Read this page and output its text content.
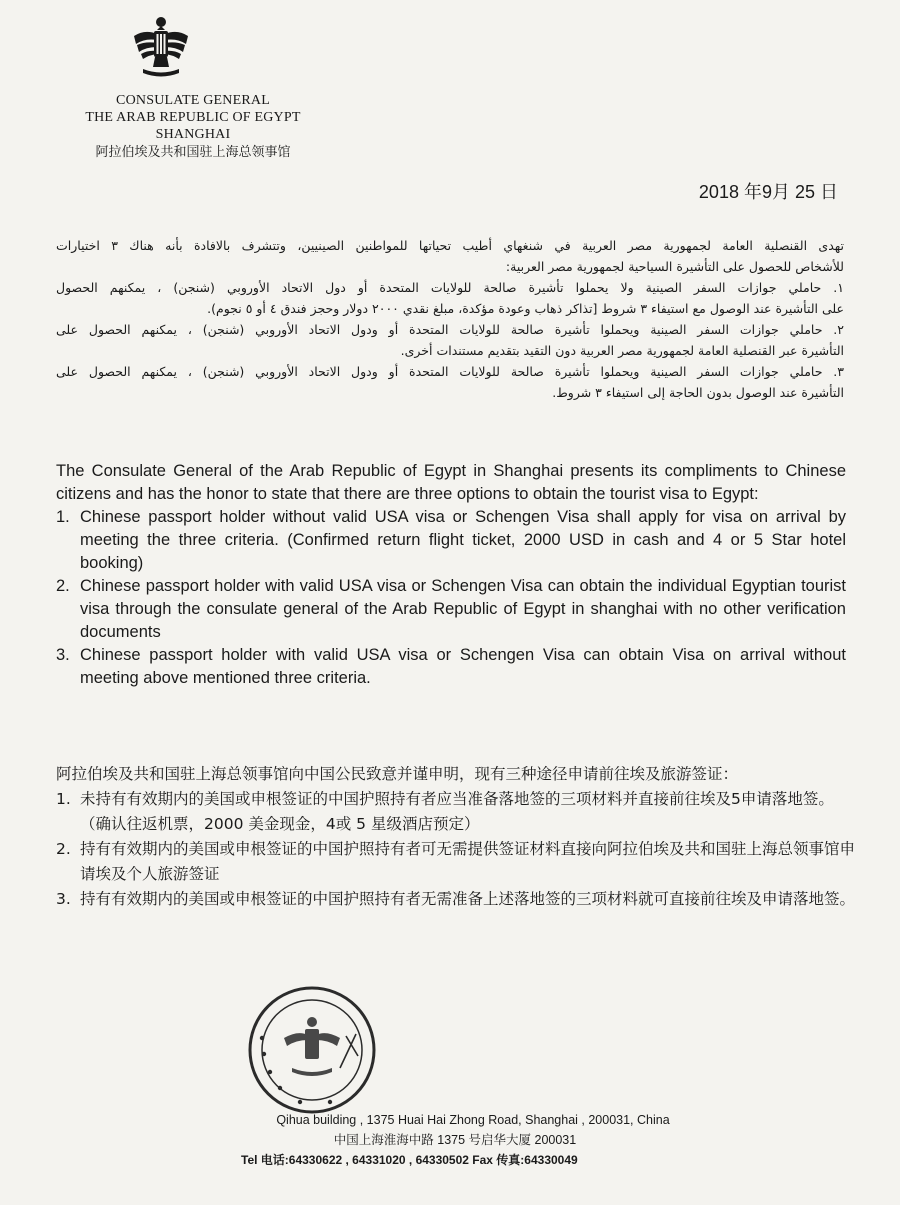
CONSULATE GENERAL
THE ARAB REPUBLIC OF EGYPT
SHANGHAI
阿拉伯埃及共和国驻上海总领事馆
2018 年9月 25 日
تهدى القنصلية العامة لجمهورية مصر العربية في شنغهاي أطيب تحياتها للمواطنين الصينيين، وتتشرف بالافادة بأنه هناك ٣ اختيارات
للأشخاص للحصول على التأشيرة السياحية لجمهورية مصر العربية:
١. حاملي جوازات السفر الصينية ولا يحملوا تأشيرة صالحة للولايات المتحدة أو دول الاتحاد الأوروبي (شنجن) ، يمكنهم الحصول
على التأشيرة عند الوصول مع استيفاء ٣ شروط [تذاكر ذهاب وعودة مؤكدة، مبلغ نقدي ٢٠٠٠ دولار وحجز فندق ٤ أو ٥ نجوم).
٢. حاملي جوازات السفر الصينية ويحملوا تأشيرة صالحة للولايات المتحدة أو ودول الاتحاد الأوروبي (شنجن) ، يمكنهم الحصول على
التأشيرة عبر القنصلية العامة لجمهورية مصر العربية دون التقيد بتقديم مستندات أخرى.
٣. حاملي جوازات السفر الصينية ويحملوا تأشيرة صالحة للولايات المتحدة أو ودول الاتحاد الأوروبي (شنجن) ، يمكنهم الحصول على
التأشيرة عند الوصول بدون الحاجة إلى استيفاء ٣ شروط.

The Consulate General of the Arab Republic of Egypt in Shanghai presents its compliments to Chinese citizens and has the honor to state that there are three options to obtain the tourist visa to Egypt:

1. Chinese passport holder without valid USA visa or Schengen Visa shall apply for visa on arrival by meeting the three criteria. (Confirmed return flight ticket, 2000 USD in cash and 4 or 5 Star hotel booking)
2. Chinese passport holder with valid USA visa or Schengen Visa can obtain the individual Egyptian tourist visa through the consulate general of the Arab Republic of Egypt in shanghai with no other verification documents
3. Chinese passport holder with valid USA visa or Schengen Visa can obtain Visa on arrival without meeting above mentioned three criteria.

阿拉伯埃及共和国驻上海总领事馆向中国公民致意并谨申明，现有三种途径申请前往埃及旅游签证：

1. 未持有有效期内的美国或申根签证的中国护照持有者应当准备落地签的三项材料并直接前往埃及5申请落地签。（确认往返机票，2000 美金现金，4或 5 星级酒店预定）
2. 持有有效期内的美国或申根签证的中国护照持有者可无需提供签证材料直接向阿拉伯埃及共和国驻上海总领事馆申请埃及个人旅游签证
3. 持有有效期内的美国或申根签证的中国护照持有者无需准备上述落地签的三项材料就可直接前往埃及申请落地签。
Qihua building , 1375 Huai Hai Zhong Road, Shanghai , 200031, China
中国上海淮海中路 1375 号启华大厦 200031
Tel 电话:64330622 , 64331020 , 64330502 Fax 传真:64330049
